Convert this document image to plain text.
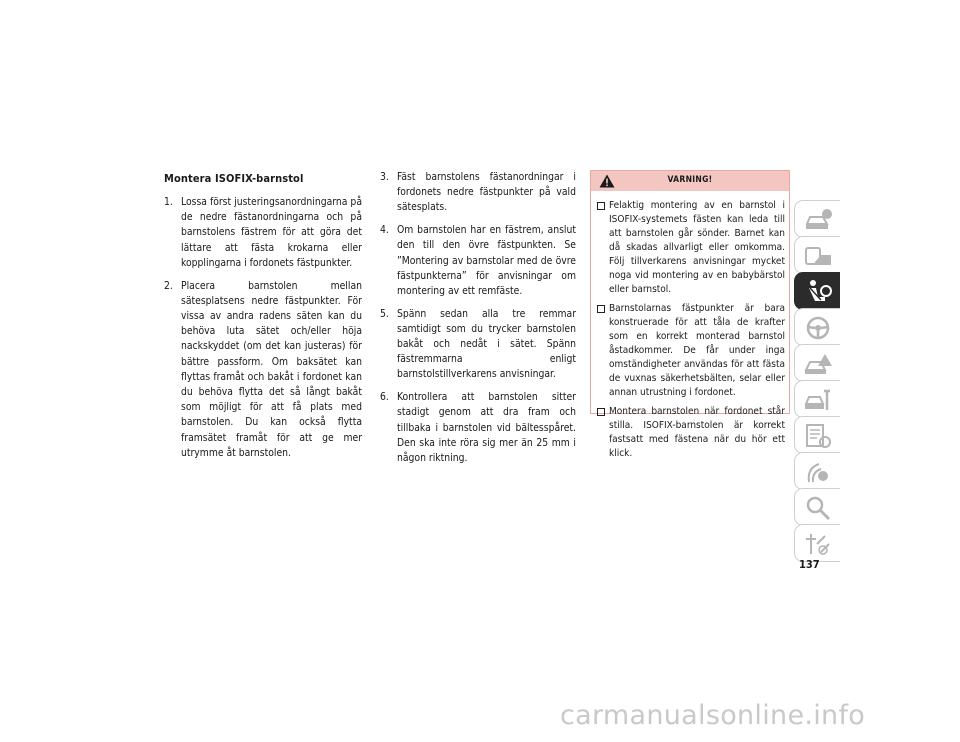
Montera ISOFIX-barnstol
1. Lossa först justeringsanordningarna på de nedre fästanordningarna och på barnstolens fästrem för att göra det lättare att fästa krokarna eller kopplingarna i fordonets fästpunkter.
2. Placera barnstolen mellan sätesplatsens nedre fästpunkter. För vissa av andra radens säten kan du behöva luta sätet och/eller höja nackskyddet (om det kan justeras) för bättre passform. Om baksätet kan flyttas framåt och bakåt i fordonet kan du behöva flytta det så långt bakåt som möjligt för att få plats med barnstolen. Du kan också flytta framsätet framåt för att ge mer utrymme åt barnstolen.
3. Fäst barnstolens fästanordningar i fordonets nedre fästpunkter på vald sätesplats.
4. Om barnstolen har en fästrem, anslut den till den övre fästpunkten. Se ”Montering av barnstolar med de övre fästpunkterna” för anvisningar om montering av ett remfäste.
5. Spänn sedan alla tre remmar samtidigt som du trycker barnstolen bakåt och nedåt i sätet. Spänn fästremmarna enligt barnstolstillverkarens anvisningar.
6. Kontrollera att barnstolen sitter stadigt genom att dra fram och tillbaka i barnstolen vid bältesspåret. Den ska inte röra sig mer än 25 mm i någon riktning.
VARNING!
Felaktig montering av en barnstol i ISOFIX-systemets fästen kan leda till att barnstolen går sönder. Barnet kan då skadas allvarligt eller omkomma. Följ tillverkarens anvisningar mycket noga vid montering av en babybärstol eller barnstol.
Barnstolarnas fästpunkter är bara konstruerade för att tåla de krafter som en korrekt monterad barnstol åstadkommer. De får under inga omständigheter användas för att fästa de vuxnas säkerhetsbälten, selar eller annan utrustning i fordonet.
Montera barnstolen när fordonet står stilla. ISOFIX-barnstolen är korrekt fastsatt med fästena när du hör ett klick.
137
carmanualsonline.info
